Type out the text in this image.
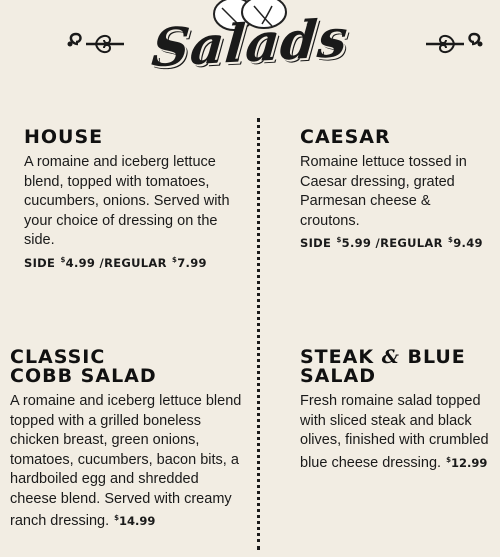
Salads
HOUSE

A romaine and iceberg lettuce blend, topped with tomatoes, cucumbers, onions. Served with your choice of dressing on the side.

SIDE $4.99 /REGULAR $7.99
CAESAR

Romaine lettuce tossed in Caesar dressing, grated Parmesan cheese & croutons.

SIDE $5.99 /REGULAR $9.49
CLASSIC
COBB SALAD

A romaine and iceberg lettuce blend topped with a grilled boneless chicken breast, green onions, tomatoes, cucumbers, bacon bits, a hardboiled egg and shredded cheese blend. Served with creamy ranch dressing. $14.99

STEAK & BLUE
SALAD

Fresh romaine salad topped with sliced steak and black olives, finished with crumbled blue cheese dressing. $12.99
